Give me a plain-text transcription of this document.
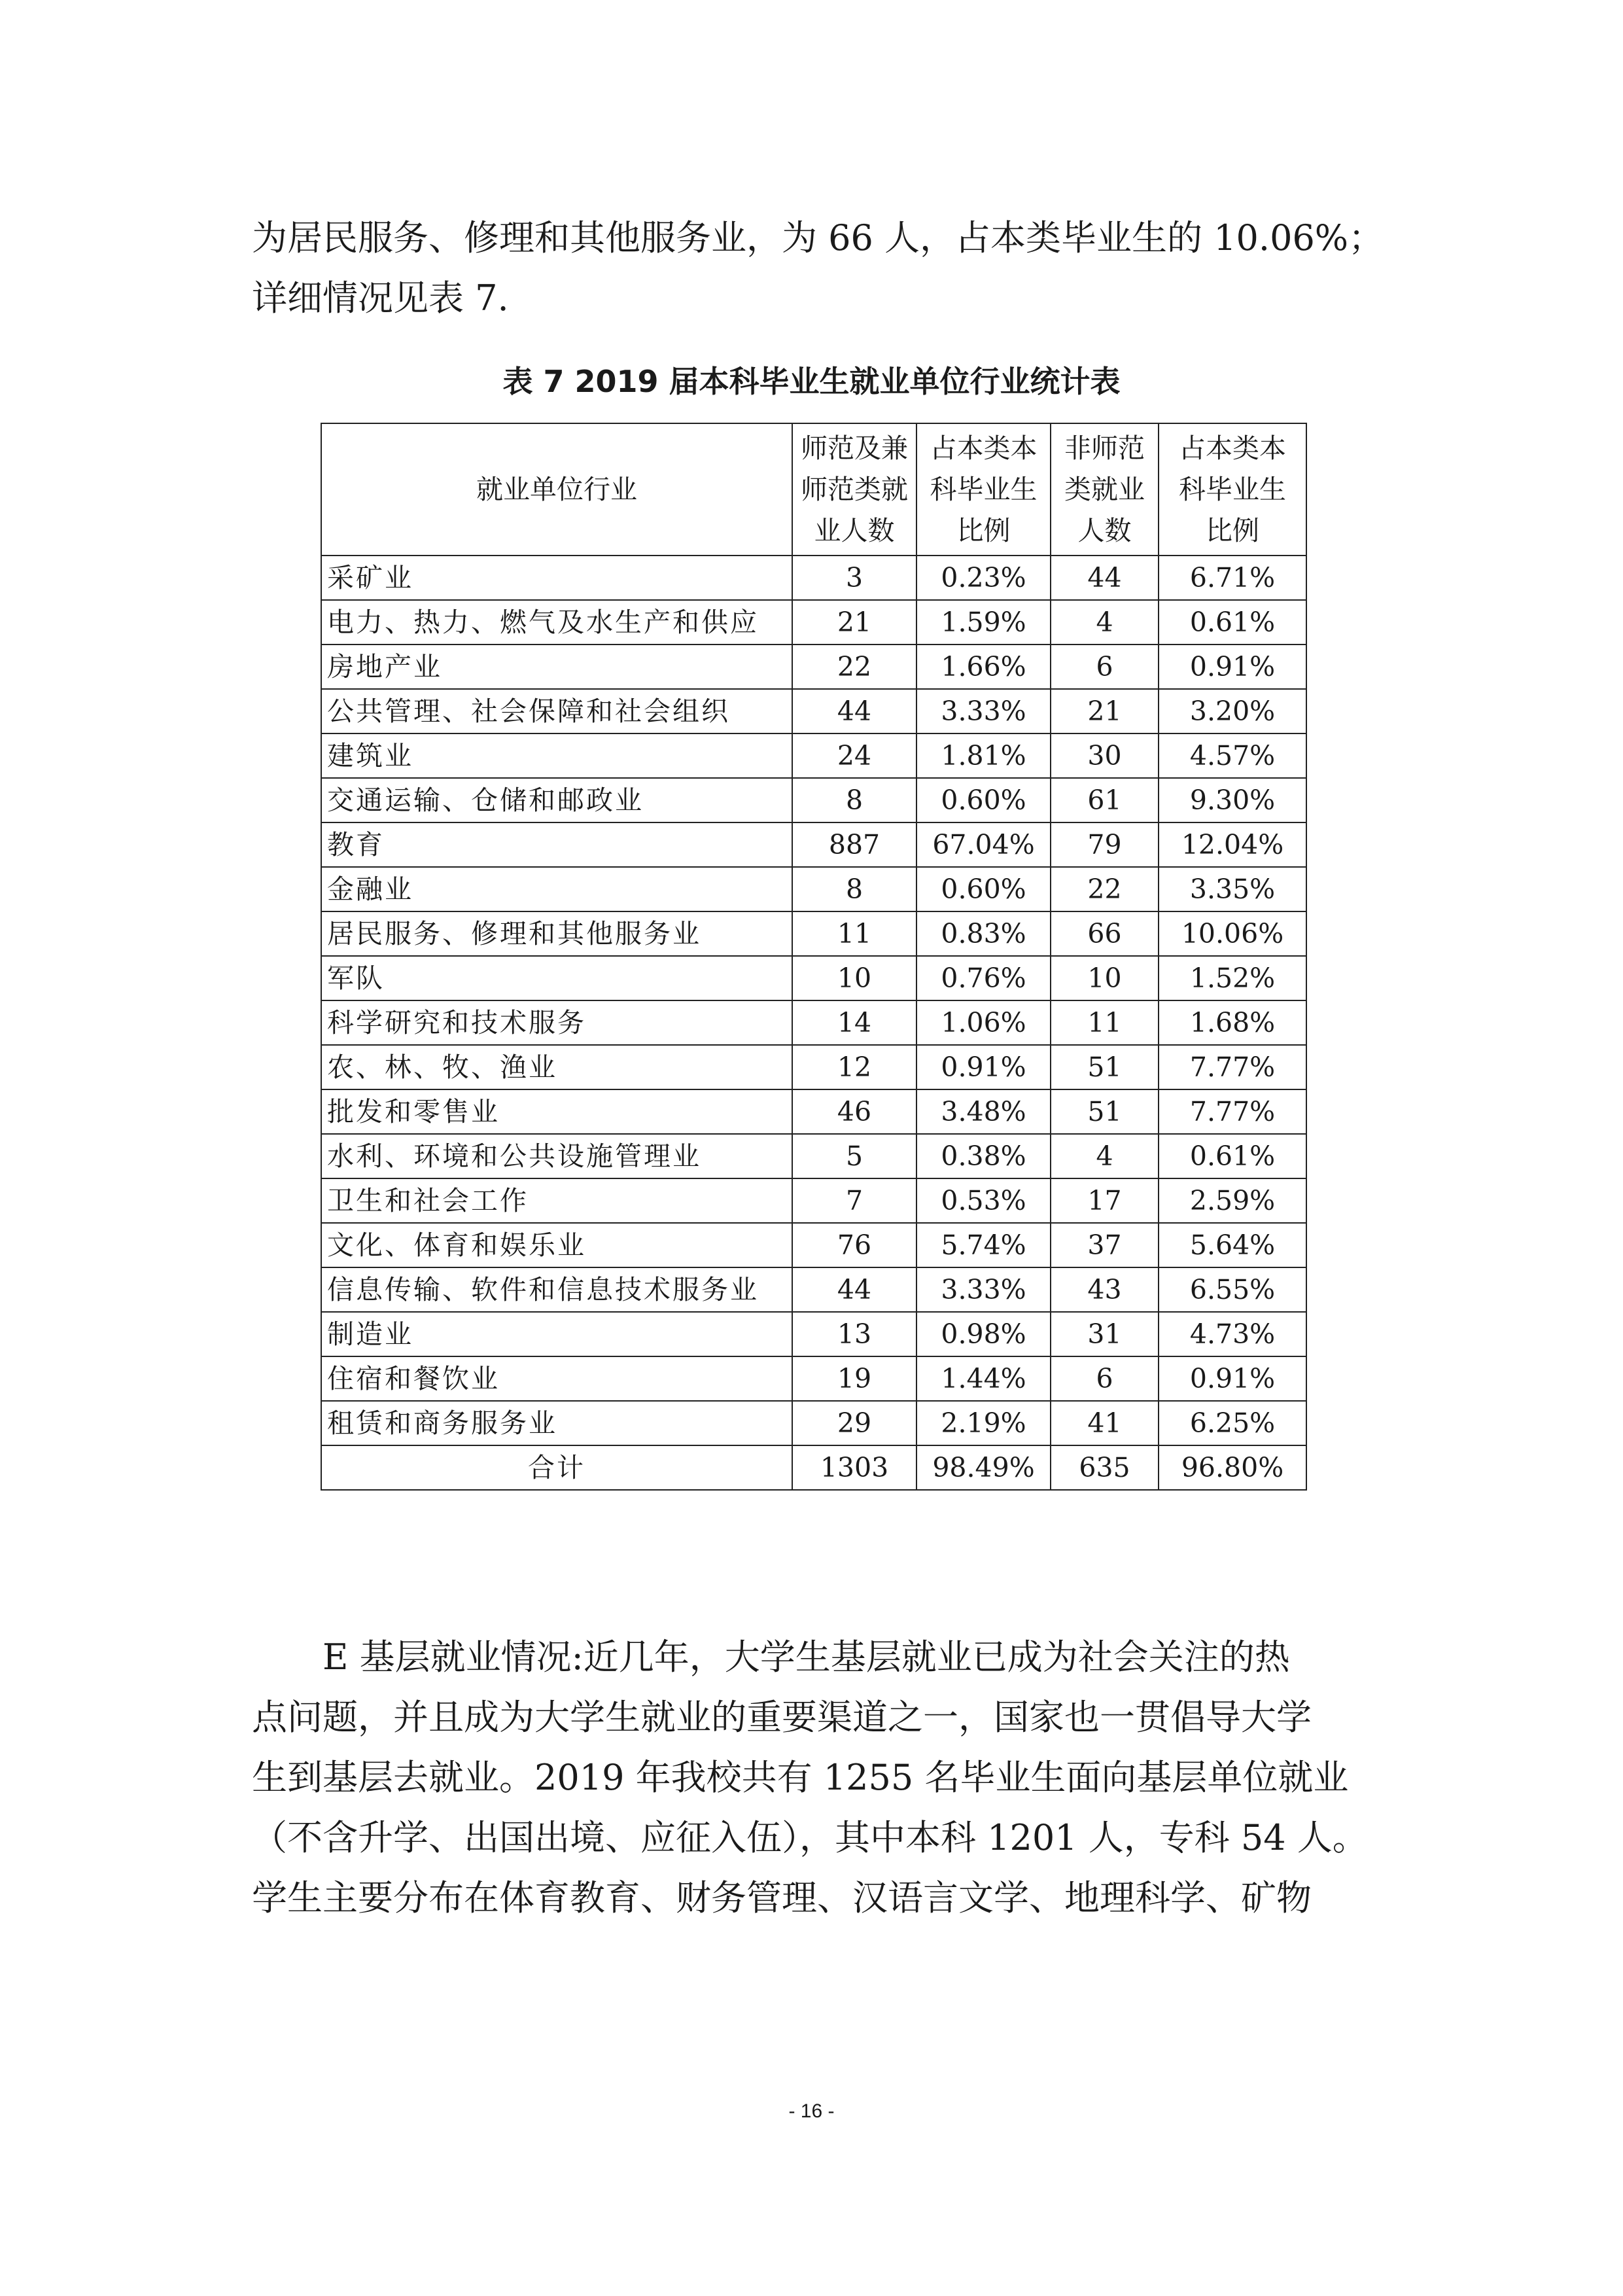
为居民服务、修理和其他服务业，为 66 人，占本类毕业生的 10.06%；
详细情况见表 7.
表 7 2019 届本科毕业生就业单位行业统计表
就业单位行业	师范及兼
师范类就
业人数	占本类本
科毕业生
比例	非师范
类就业
人数	占本类本
科毕业生
比例

采矿业	3	0.23%	44	6.71%
电力、热力、燃气及水生产和供应	21	1.59%	4	0.61%
房地产业	22	1.66%	6	0.91%
公共管理、社会保障和社会组织	44	3.33%	21	3.20%
建筑业	24	1.81%	30	4.57%
交通运输、仓储和邮政业	8	0.60%	61	9.30%
教育	887	67.04%	79	12.04%
金融业	8	0.60%	22	3.35%
居民服务、修理和其他服务业	11	0.83%	66	10.06%
军队	10	0.76%	10	1.52%
科学研究和技术服务	14	1.06%	11	1.68%
农、林、牧、渔业	12	0.91%	51	7.77%
批发和零售业	46	3.48%	51	7.77%
水利、环境和公共设施管理业	5	0.38%	4	0.61%
卫生和社会工作	7	0.53%	17	2.59%
文化、体育和娱乐业	76	5.74%	37	5.64%
信息传输、软件和信息技术服务业	44	3.33%	43	6.55%
制造业	13	0.98%	31	4.73%
住宿和餐饮业	19	1.44%	6	0.91%
租赁和商务服务业	29	2.19%	41	6.25%
合计	1303	98.49%	635	96.80%
E 基层就业情况:近几年，大学生基层就业已成为社会关注的热
点问题，并且成为大学生就业的重要渠道之一，国家也一贯倡导大学
生到基层去就业。2019 年我校共有 1255 名毕业生面向基层单位就业
（不含升学、出国出境、应征入伍），其中本科 1201 人，专科 54 人。
学生主要分布在体育教育、财务管理、汉语言文学、地理科学、矿物
- 16 -
